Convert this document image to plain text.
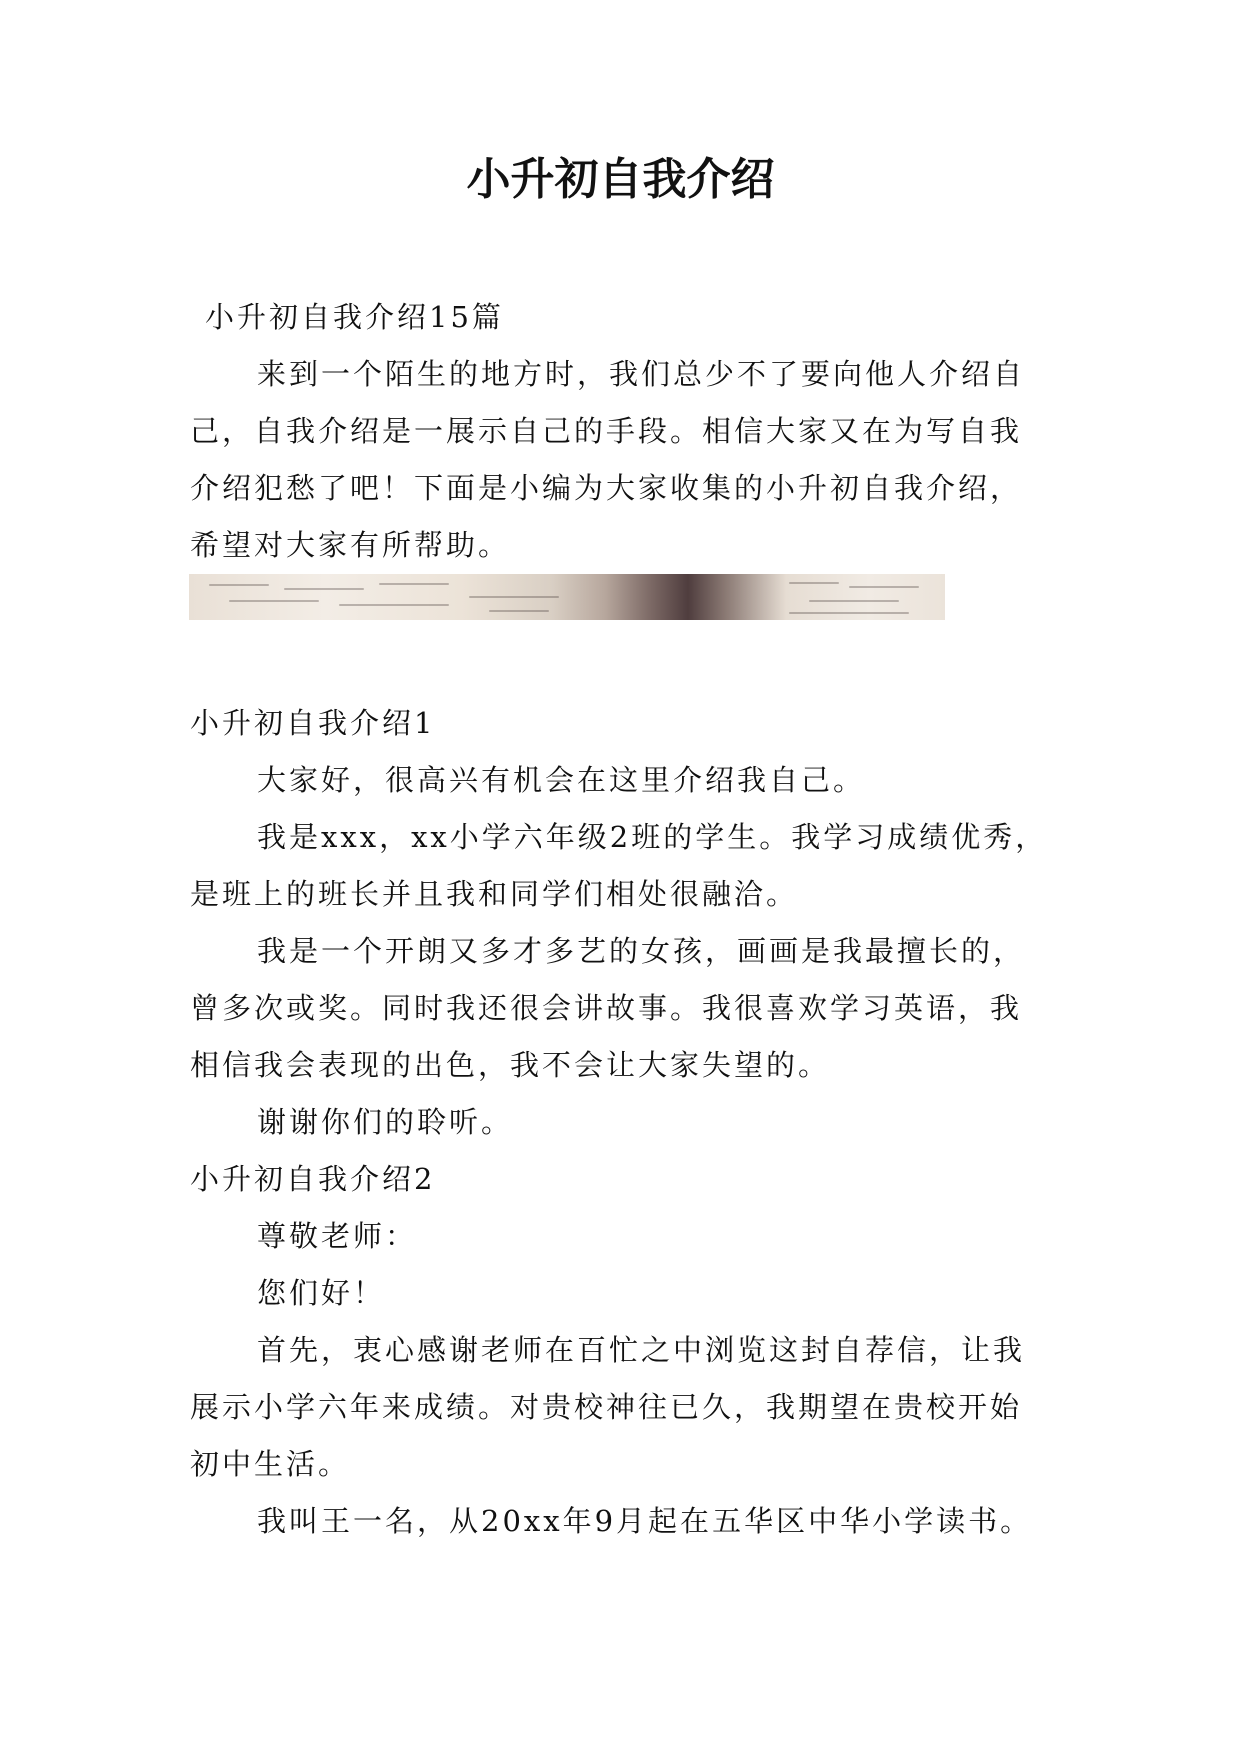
小升初自我介绍
小升初自我介绍15篇
来到一个陌生的地方时，我们总少不了要向他人介绍自
己，自我介绍是一展示自己的手段。相信大家又在为写自我
介绍犯愁了吧！下面是小编为大家收集的小升初自我介绍，
希望对大家有所帮助。
小升初自我介绍1
大家好，很高兴有机会在这里介绍我自己。
我是xxx，xx小学六年级2班的学生。我学习成绩优秀，
是班上的班长并且我和同学们相处很融洽。
我是一个开朗又多才多艺的女孩，画画是我最擅长的，
曾多次或奖。同时我还很会讲故事。我很喜欢学习英语，我
相信我会表现的出色，我不会让大家失望的。
谢谢你们的聆听。
小升初自我介绍2
尊敬老师：
您们好！
首先，衷心感谢老师在百忙之中浏览这封自荐信，让我
展示小学六年来成绩。对贵校神往已久，我期望在贵校开始
初中生活。
我叫王一名，从20xx年9月起在五华区中华小学读书。
